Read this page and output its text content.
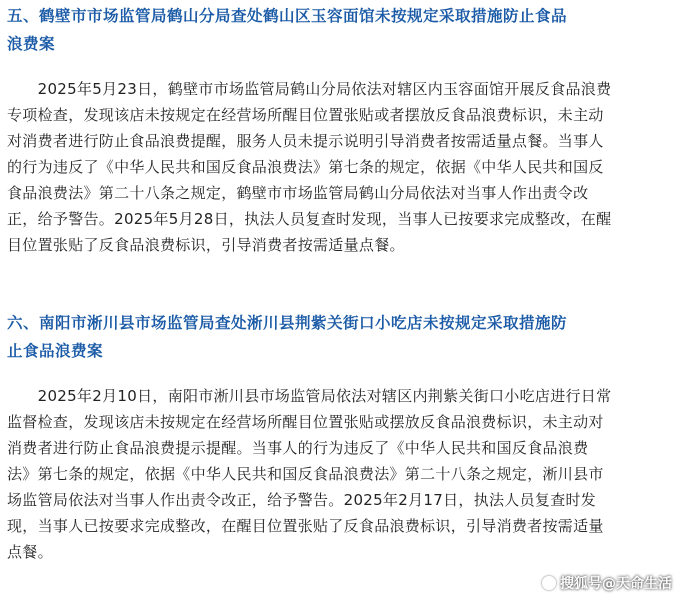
五、鹤壁市市场监管局鹤山分局查处鹤山区玉容面馆未按规定采取措施防止食品
浪费案
　　2025年5月23日，鹤壁市市场监管局鹤山分局依法对辖区内玉容面馆开展反食品浪费
专项检查，发现该店未按规定在经营场所醒目位置张贴或者摆放反食品浪费标识，未主动
对消费者进行防止食品浪费提醒，服务人员未提示说明引导消费者按需适量点餐。当事人
的行为违反了《中华人民共和国反食品浪费法》第七条的规定，依据《中华人民共和国反
食品浪费法》第二十八条之规定，鹤壁市市场监管局鹤山分局依法对当事人作出责令改
正，给予警告。2025年5月28日，执法人员复查时发现，当事人已按要求完成整改，在醒
目位置张贴了反食品浪费标识，引导消费者按需适量点餐。
六、南阳市淅川县市场监管局查处淅川县荆紫关街口小吃店未按规定采取措施防
止食品浪费案
　　2025年2月10日，南阳市淅川县市场监管局依法对辖区内荆紫关街口小吃店进行日常
监督检查，发现该店未按规定在经营场所醒目位置张贴或摆放反食品浪费标识，未主动对
消费者进行防止食品浪费提示提醒。当事人的行为违反了《中华人民共和国反食品浪费
法》第七条的规定，依据《中华人民共和国反食品浪费法》第二十八条之规定，淅川县市
场监管局依法对当事人作出责令改正，给予警告。2025年2月17日，执法人员复查时发
现，当事人已按要求完成整改，在醒目位置张贴了反食品浪费标识，引导消费者按需适量
点餐。
搜狐号@天命生活
